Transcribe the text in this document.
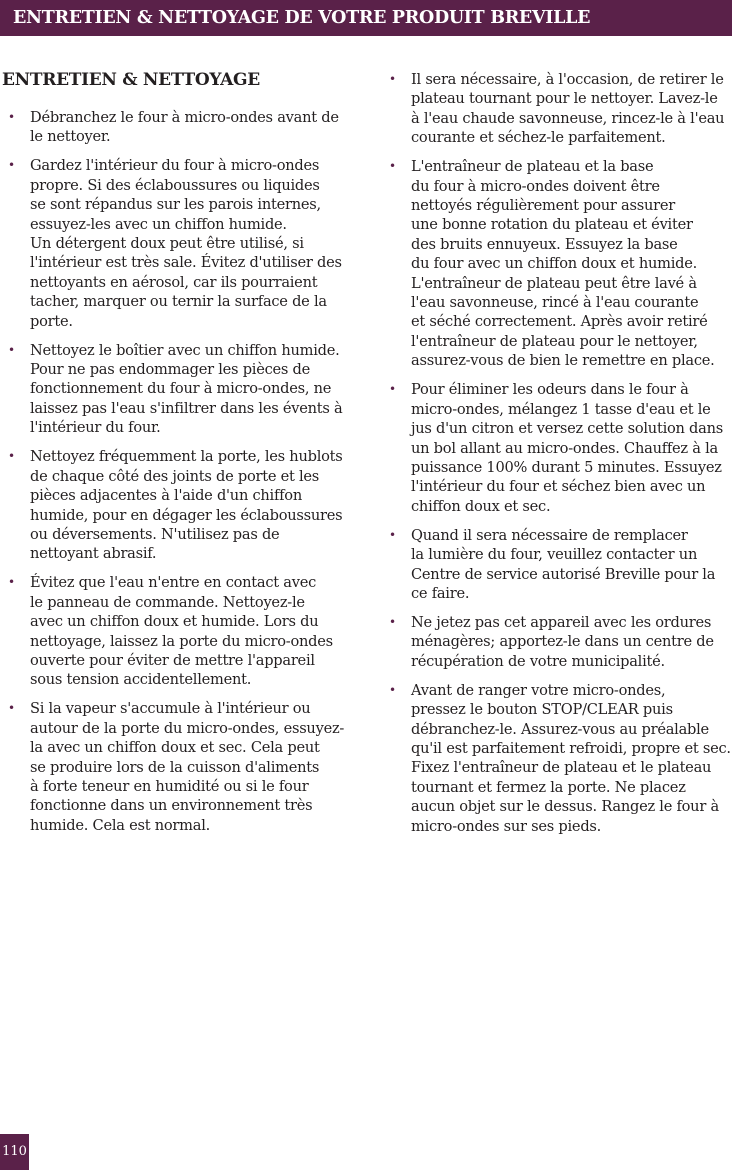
ENTRETIEN & NETTOYAGE DE VOTRE PRODUIT BREVILLE
ENTRETIEN & NETTOYAGE
• Débranchez le four à micro-ondes avant de
le nettoyer.
• Gardez l'intérieur du four à micro-ondes
propre. Si des éclaboussures ou liquides
se sont répandus sur les parois internes,
essuyez-les avec un chiffon humide.
Un détergent doux peut être utilisé, si
l'intérieur est très sale. Évitez d'utiliser des
nettoyants en aérosol, car ils pourraient
tacher, marquer ou ternir la surface de la
porte.
• Nettoyez le boîtier avec un chiffon humide.
Pour ne pas endommager les pièces de
fonctionnement du four à micro-ondes, ne
laissez pas l'eau s'infiltrer dans les évents à
l'intérieur du four.
• Nettoyez fréquemment la porte, les hublots
de chaque côté des joints de porte et les
pièces adjacentes à l'aide d'un chiffon
humide, pour en dégager les éclaboussures
ou déversements. N'utilisez pas de
nettoyant abrasif.
• Évitez que l'eau n'entre en contact avec
le panneau de commande. Nettoyez-le
avec un chiffon doux et humide. Lors du
nettoyage, laissez la porte du micro-ondes
ouverte pour éviter de mettre l'appareil
sous tension accidentellement.
• Si la vapeur s'accumule à l'intérieur ou
autour de la porte du micro-ondes, essuyez-
la avec un chiffon doux et sec. Cela peut
se produire lors de la cuisson d'aliments
à forte teneur en humidité ou si le four
fonctionne dans un environnement très
humide. Cela est normal.
• Il sera nécessaire, à l'occasion, de retirer le
plateau tournant pour le nettoyer. Lavez-le
à l'eau chaude savonneuse, rincez-le à l'eau
courante et séchez-le parfaitement.
• L'entraîneur de plateau et la base
du four à micro-ondes doivent être
nettoyés régulièrement pour assurer
une bonne rotation du plateau et éviter
des bruits ennuyeux. Essuyez la base
du four avec un chiffon doux et humide.
L'entraîneur de plateau peut être lavé à
l'eau savonneuse, rincé à l'eau courante
et séché correctement. Après avoir retiré
l'entraîneur de plateau pour le nettoyer,
assurez-vous de bien le remettre en place.
• Pour éliminer les odeurs dans le four à
micro-ondes, mélangez 1 tasse d'eau et le
jus d'un citron et versez cette solution dans
un bol allant au micro-ondes. Chauffez à la
puissance 100% durant 5 minutes. Essuyez
l'intérieur du four et séchez bien avec un
chiffon doux et sec.
• Quand il sera nécessaire de remplacer
la lumière du four, veuillez contacter un
Centre de service autorisé Breville pour la
ce faire.
• Ne jetez pas cet appareil avec les ordures
ménagères; apportez-le dans un centre de
récupération de votre municipalité.
• Avant de ranger votre micro-ondes,
pressez le bouton STOP/CLEAR puis
débranchez-le. Assurez-vous au préalable
qu'il est parfaitement refroidi, propre et sec.
Fixez l'entraîneur de plateau et le plateau
tournant et fermez la porte. Ne placez
aucun objet sur le dessus. Rangez le four à
micro-ondes sur ses pieds.
110
